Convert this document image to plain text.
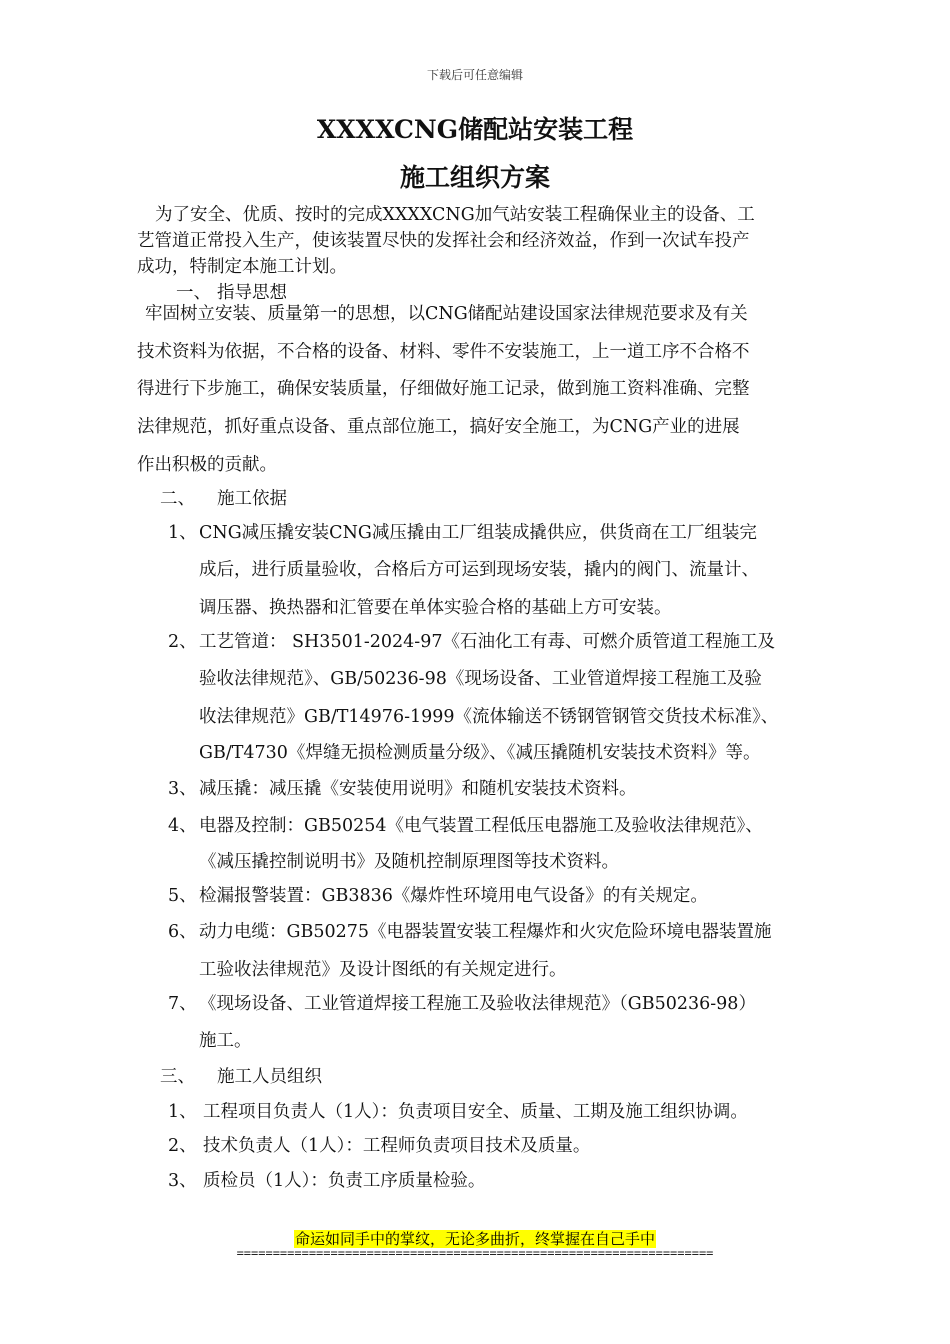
下载后可任意编辑
XXXXCNG储配站安装工程
施工组织方案
为了安全、优质、按时的完成XXXXCNG加气站安装工程确保业主的设备、工
艺管道正常投入生产，使该装置尽快的发挥社会和经济效益，作到一次试车投产
成功，特制定本施工计划。
一、 指导思想
牢固树立安装、质量第一的思想，以CNG储配站建设国家法律规范要求及有关
技术资料为依据，不合格的设备、材料、零件不安装施工，上一道工序不合格不
得进行下步施工，确保安装质量，仔细做好施工记录，做到施工资料准确、完整
法律规范，抓好重点设备、重点部位施工，搞好安全施工，为CNG产业的进展
作出积极的贡献。
二、 施工依据
1、 CNG减压撬安装CNG减压撬由工厂组装成撬供应，供货商在工厂组装完
成后，进行质量验收，合格后方可运到现场安装，撬内的阀门、流量计、
调压器、换热器和汇管要在单体实验合格的基础上方可安装。
2、 工艺管道： SH3501-2024-97《石油化工有毒、可燃介质管道工程施工及
验收法律规范》、GB/50236-98《现场设备、工业管道焊接工程施工及验
收法律规范》GB/T14976-1999《流体输送不锈钢管钢管交货技术标准》、
GB/T4730《焊缝无损检测质量分级》、《减压撬随机安装技术资料》等。
3、 减压撬：减压撬《安装使用说明》和随机安装技术资料。
4、 电器及控制：GB50254《电气装置工程低压电器施工及验收法律规范》、
《减压撬控制说明书》及随机控制原理图等技术资料。
5、 检漏报警装置：GB3836《爆炸性环境用电气设备》的有关规定。
6、 动力电缆：GB50275《电器装置安装工程爆炸和火灾危险环境电器装置施
工验收法律规范》及设计图纸的有关规定进行。
7、 《现场设备、工业管道焊接工程施工及验收法律规范》（GB50236-98）
施工。
三、 施工人员组织
1、 工程项目负责人（1人）：负责项目安全、质量、工期及施工组织协调。
2、 技术负责人（1人）：工程师负责项目技术及质量。
3、 质检员（1人）：负责工序质量检验。
命运如同手中的掌纹，无论多曲折，终掌握在自己手中
==================================================================
